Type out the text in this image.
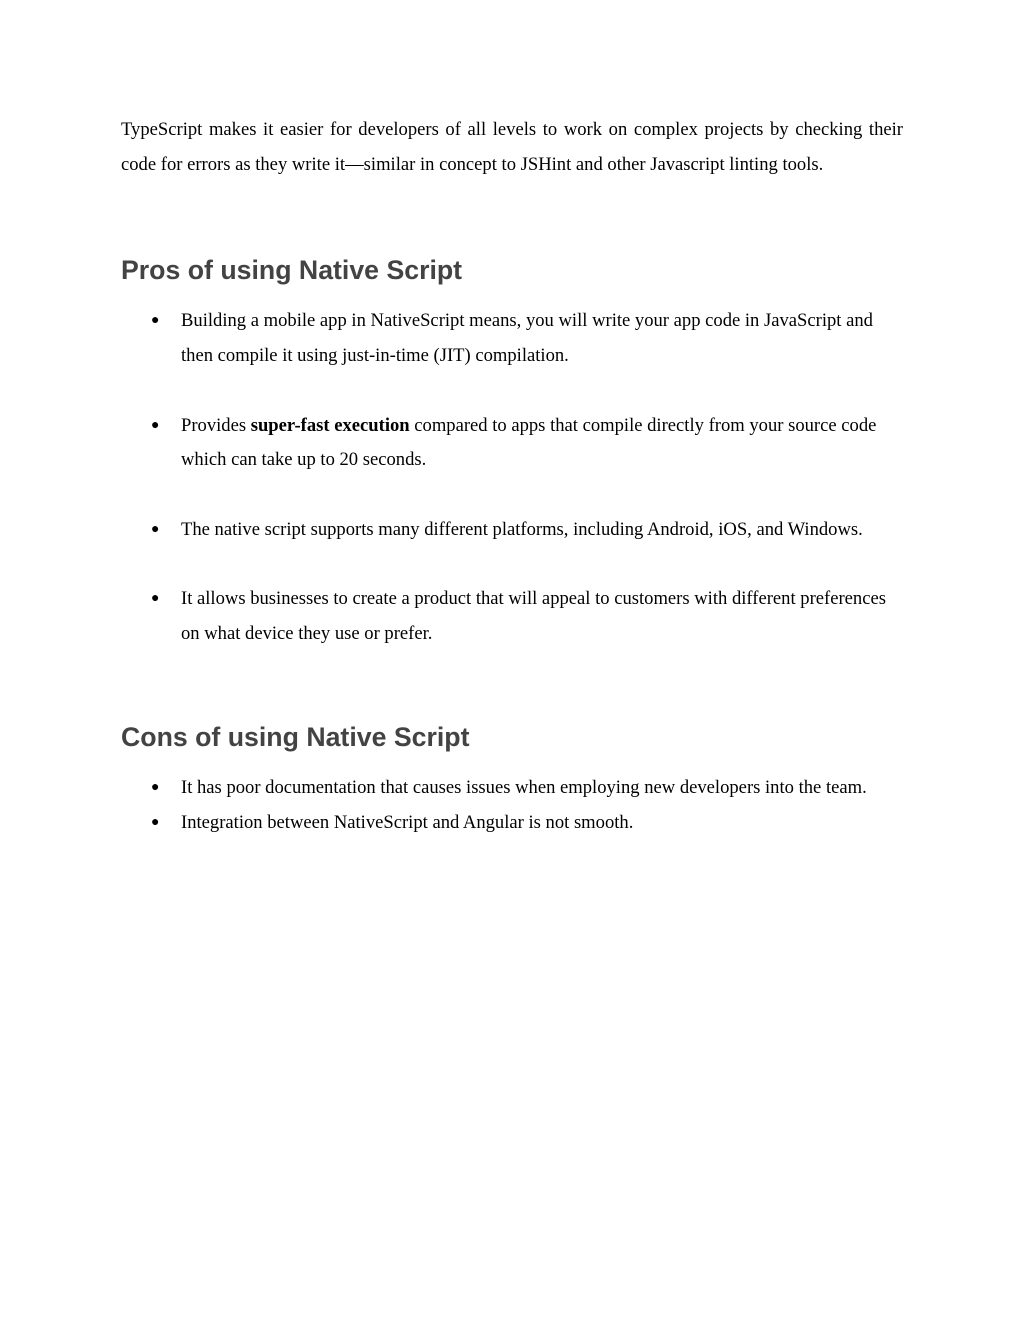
TypeScript makes it easier for developers of all levels to work on complex projects by checking their code for errors as they write it—similar in concept to JSHint and other Javascript linting tools.

Pros of using Native Script
● Building a mobile app in NativeScript means, you will write your app code in JavaScript and then compile it using just-in-time (JIT) compilation.
● Provides super-fast execution compared to apps that compile directly from your source code which can take up to 20 seconds.
● The native script supports many different platforms, including Android, iOS, and Windows.
● It allows businesses to create a product that will appeal to customers with different preferences on what device they use or prefer.
Cons of using Native Script
● It has poor documentation that causes issues when employing new developers into the team.
● Integration between NativeScript and Angular is not smooth.
